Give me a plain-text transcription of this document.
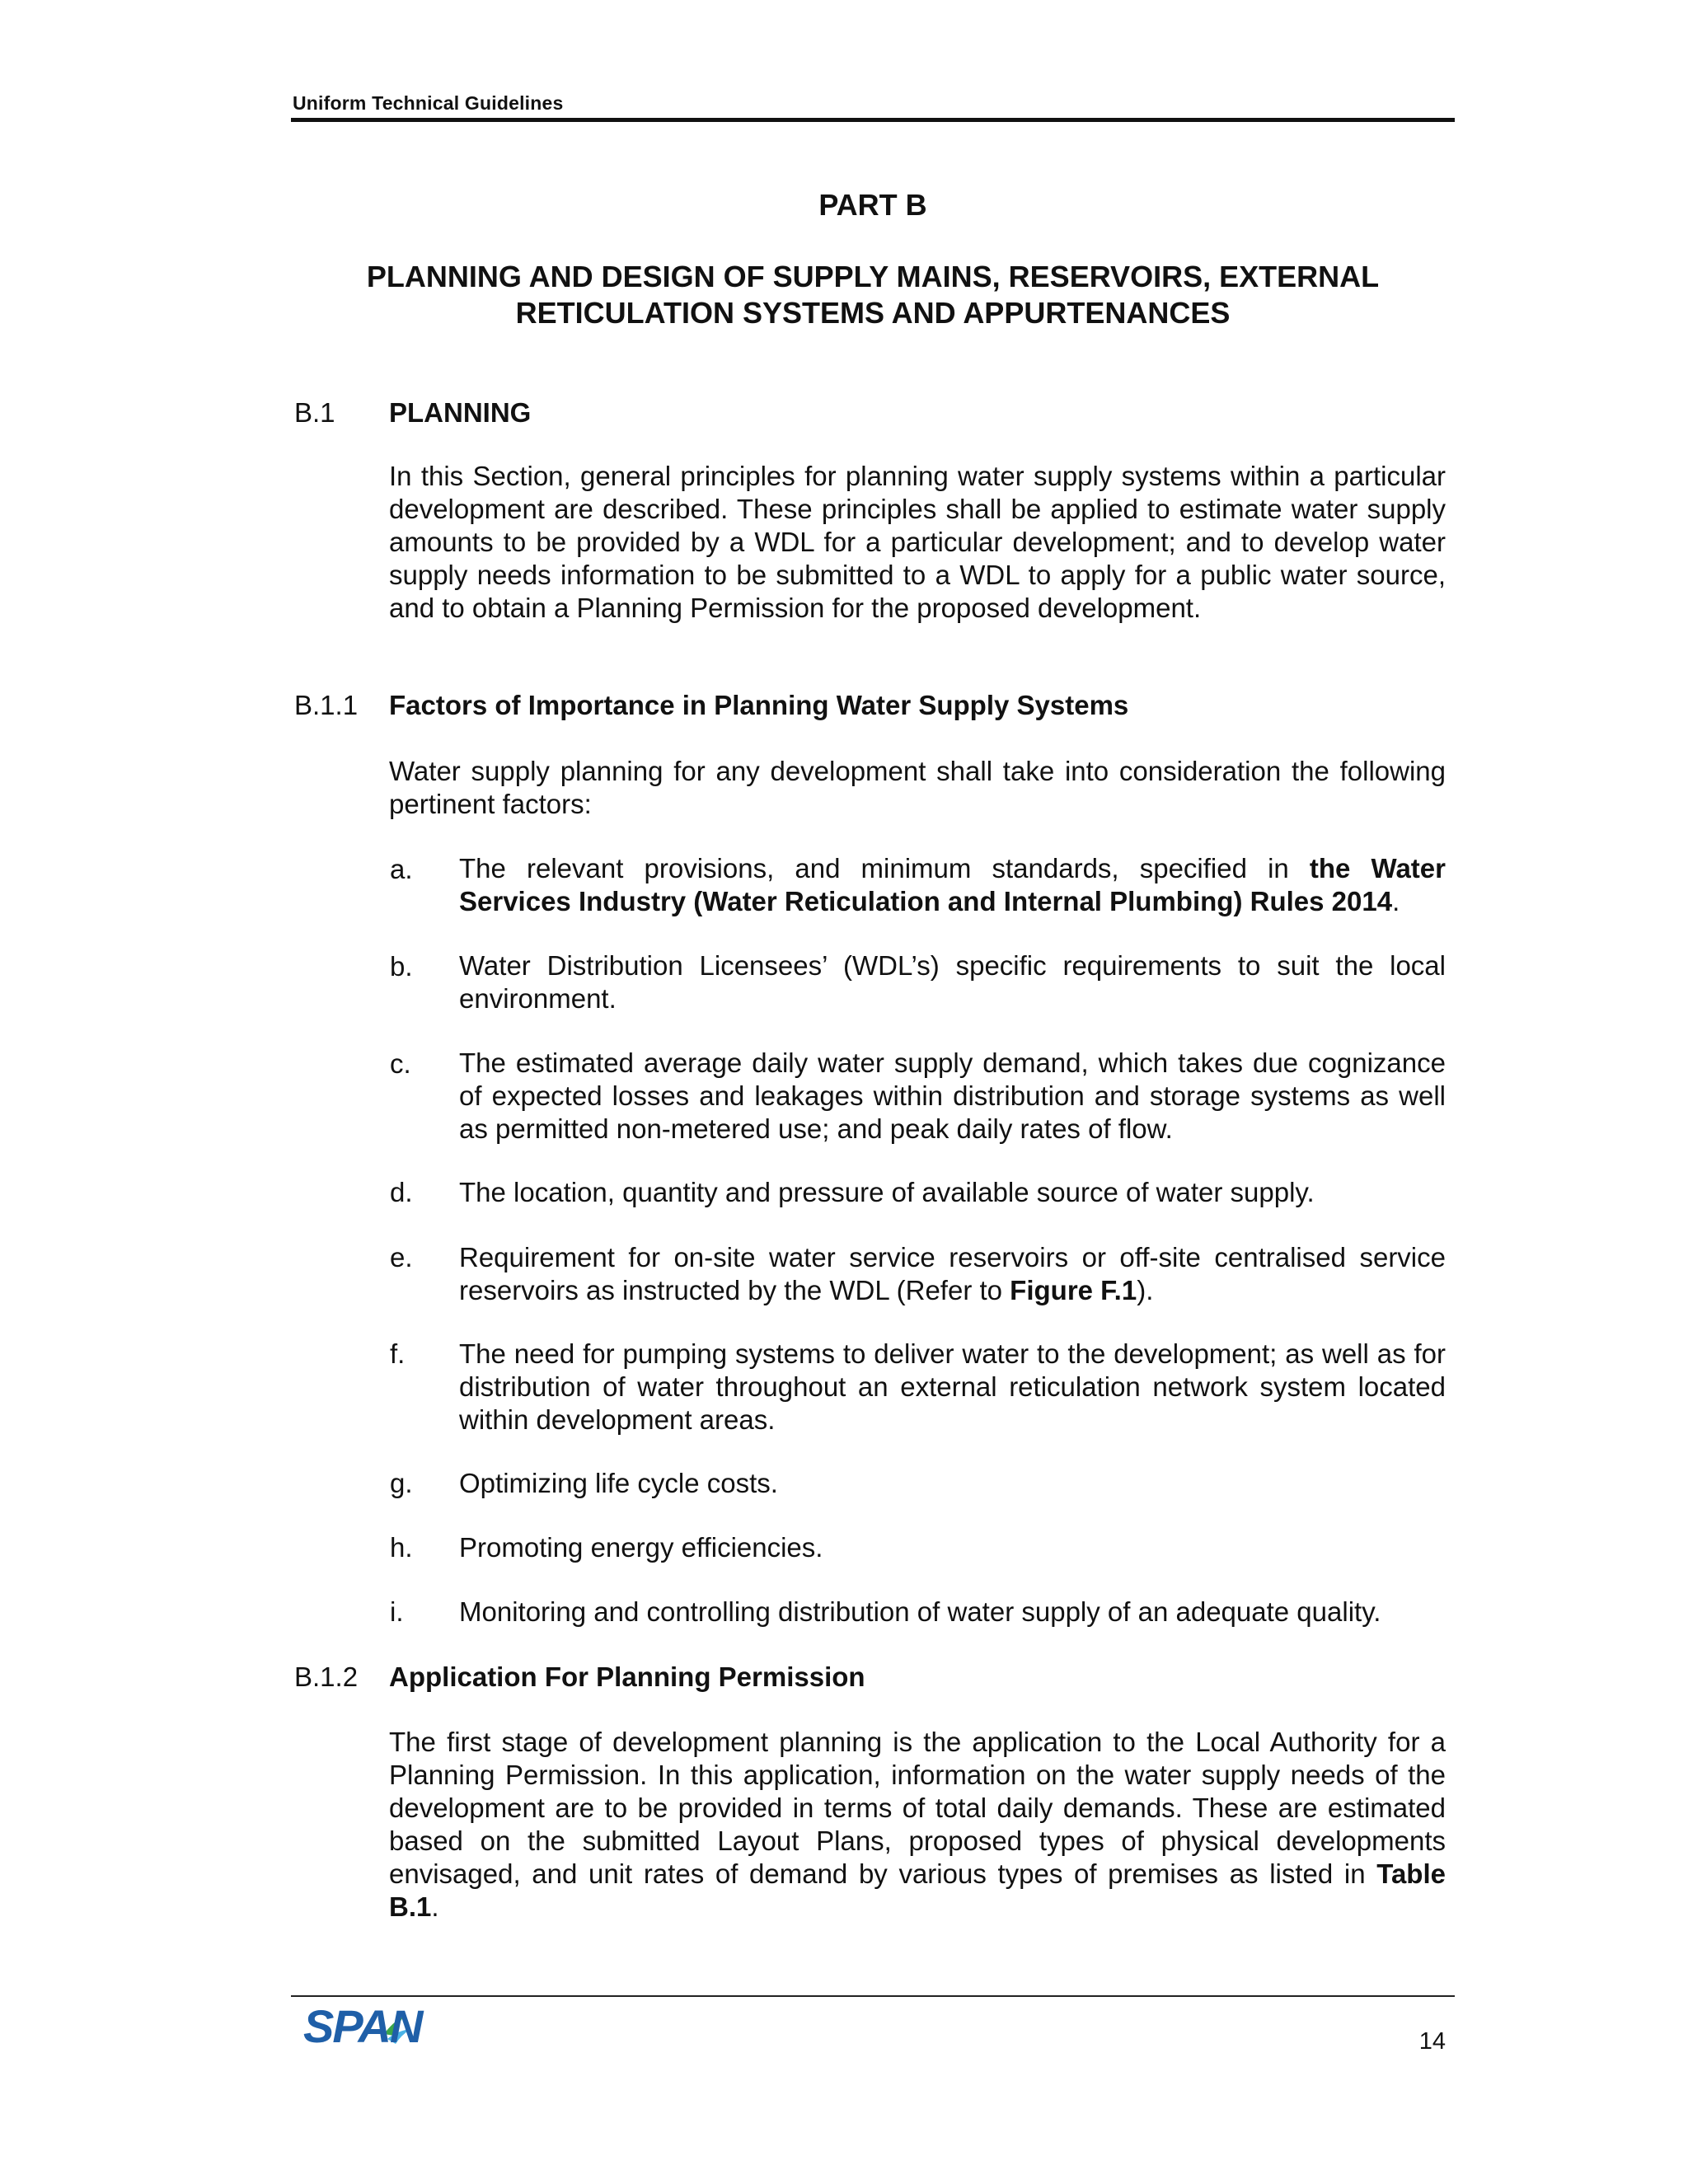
Uniform Technical Guidelines
PART B
PLANNING AND DESIGN OF SUPPLY MAINS, RESERVOIRS, EXTERNAL
RETICULATION SYSTEMS AND APPURTENANCES
B.1 PLANNING
In this Section, general principles for planning water supply systems within a particular development are described. These principles shall be applied to estimate water supply amounts to be provided by a WDL for a particular development; and to develop water supply needs information to be submitted to a WDL to apply for a public water source, and to obtain a Planning Permission for the proposed development.
B.1.1 Factors of Importance in Planning Water Supply Systems
Water supply planning for any development shall take into consideration the following pertinent factors:
a. The relevant provisions, and minimum standards, specified in the Water Services Industry (Water Reticulation and Internal Plumbing) Rules 2014.
b. Water Distribution Licensees’ (WDL’s) specific requirements to suit the local environment.
c. The estimated average daily water supply demand, which takes due cognizance of expected losses and leakages within distribution and storage systems as well as permitted non-metered use; and peak daily rates of flow.
d. The location, quantity and pressure of available source of water supply.
e. Requirement for on-site water service reservoirs or off-site centralised service reservoirs as instructed by the WDL (Refer to Figure F.1).
f. The need for pumping systems to deliver water to the development; as well as for distribution of water throughout an external reticulation network system located within development areas.
g. Optimizing life cycle costs.
h. Promoting energy efficiencies.
i. Monitoring and controlling distribution of water supply of an adequate quality.
B.1.2 Application For Planning Permission
The first stage of development planning is the application to the Local Authority for a Planning Permission. In this application, information on the water supply needs of the development are to be provided in terms of total daily demands. These are estimated based on the submitted Layout Plans, proposed types of physical developments envisaged, and unit rates of demand by various types of premises as listed in Table B.1.
SPAN	14
